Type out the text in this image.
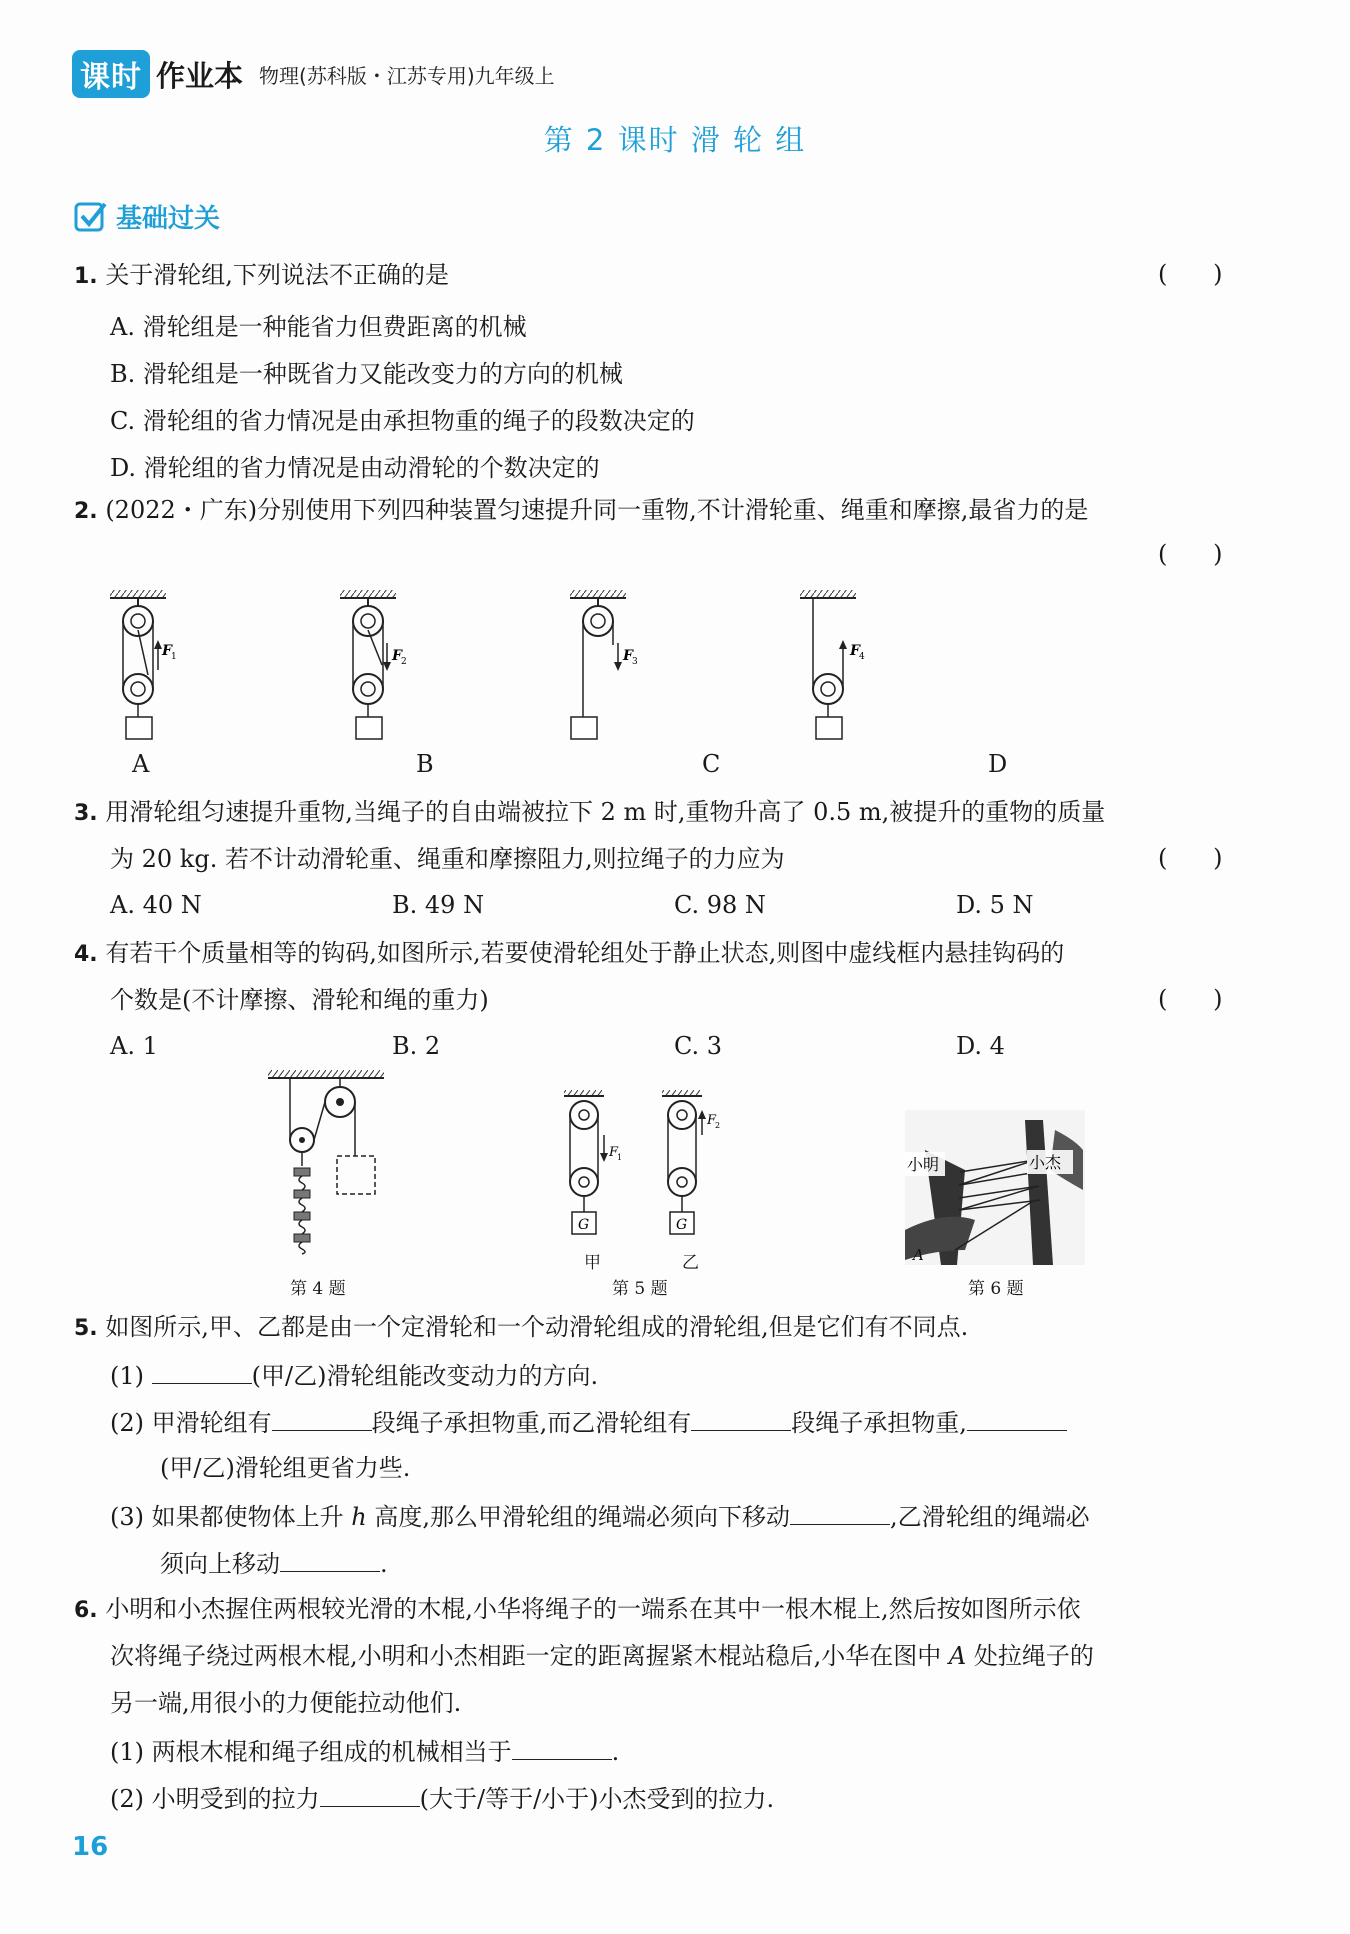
课时 作业本 物理(苏科版・江苏专用)九年级上
第 2 课时 滑 轮 组
基础过关
1. 关于滑轮组,下列说法不正确的是	(      )
A. 滑轮组是一种能省力但费距离的机械
B. 滑轮组是一种既省力又能改变力的方向的机械
C. 滑轮组的省力情况是由承担物重的绳子的段数决定的
D. 滑轮组的省力情况是由动滑轮的个数决定的
2. (2022・广东)分别使用下列四种装置匀速提升同一重物,不计滑轮重、绳重和摩擦,最省力的是
(      )
F 1	F 2	F 3
F 4
A	B	C	D
3. 用滑轮组匀速提升重物,当绳子的自由端被拉下 2 m 时,重物升高了 0.5 m,被提升的重物的质量
为 20 kg. 若不计动滑轮重、绳重和摩擦阻力,则拉绳子的力应为	(      )
A. 40 N	B. 49 N	C. 98 N	D. 5 N
4. 有若干个质量相等的钩码,如图所示,若要使滑轮组处于静止状态,则图中虚线框内悬挂钩码的
个数是(不计摩擦、滑轮和绳的重力)	(      )
A. 1	B. 2	C. 3	D. 4
第 4 题
G
F
1
G
F
2
甲	乙
第 5 题
小明	小杰
A
第 6 题
5. 如图所示,甲、乙都是由一个定滑轮和一个动滑轮组成的滑轮组,但是它们有不同点.
(1)	(甲/乙)滑轮组能改变动力的方向.
(2) 甲滑轮组有	段绳子承担物重,而乙滑轮组有	段绳子承担物重,
(甲/乙)滑轮组更省力些.
(3) 如果都使物体上升 h 高度,那么甲滑轮组的绳端必须向下移动	,乙滑轮组的绳端必
须向上移动	.
6. 小明和小杰握住两根较光滑的木棍,小华将绳子的一端系在其中一根木棍上,然后按如图所示依
次将绳子绕过两根木棍,小明和小杰相距一定的距离握紧木棍站稳后,小华在图中 A 处拉绳子的
另一端,用很小的力便能拉动他们.
(1) 两根木棍和绳子组成的机械相当于	.
(2) 小明受到的拉力	(大于/等于/小于)小杰受到的拉力.
16
